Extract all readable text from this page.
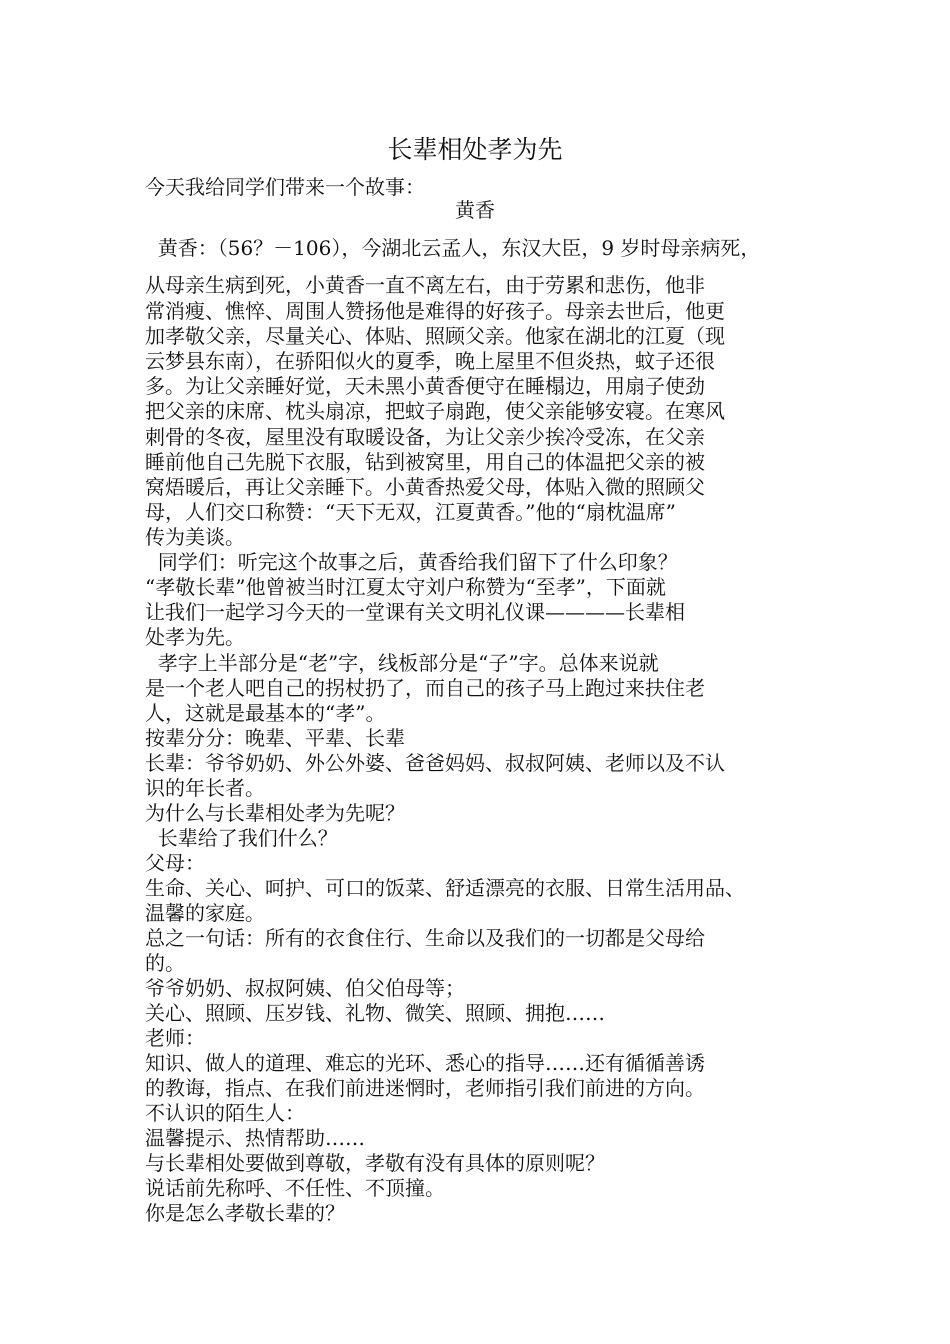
长辈相处孝为先
今天我给同学们带来一个故事：
黄香
黄香：（56？－106），今湖北云孟人，东汉大臣，9 岁时母亲病死，
从母亲生病到死，小黄香一直不离左右，由于劳累和悲伤，他非
常消瘦、憔悴、周围人赞扬他是难得的好孩子。母亲去世后，他更
加孝敬父亲，尽量关心、体贴、照顾父亲。他家在湖北的江夏（现
云梦县东南），在骄阳似火的夏季，晚上屋里不但炎热，蚊子还很
多。为让父亲睡好觉，天未黑小黄香便守在睡榻边，用扇子使劲
把父亲的床席、枕头扇凉，把蚊子扇跑，使父亲能够安寝。在寒风
刺骨的冬夜，屋里没有取暖设备，为让父亲少挨冷受冻，在父亲
睡前他自己先脱下衣服，钻到被窝里，用自己的体温把父亲的被
窝焐暖后，再让父亲睡下。小黄香热爱父母，体贴入微的照顾父
母，人们交口称赞：“天下无双，江夏黄香。”他的“扇枕温席”
传为美谈。
同学们：听完这个故事之后，黄香给我们留下了什么印象？
“孝敬长辈”他曾被当时江夏太守刘户称赞为“至孝”，下面就
让我们一起学习今天的一堂课有关文明礼仪课————长辈相
处孝为先。
孝字上半部分是“老”字，线板部分是“子”字。总体来说就
是一个老人吧自己的拐杖扔了，而自己的孩子马上跑过来扶住老
人，这就是最基本的“孝”。
按辈分分：晚辈、平辈、长辈
长辈：爷爷奶奶、外公外婆、爸爸妈妈、叔叔阿姨、老师以及不认
识的年长者。
为什么与长辈相处孝为先呢？
长辈给了我们什么？
父母：
生命、关心、呵护、可口的饭菜、舒适漂亮的衣服、日常生活用品、
温馨的家庭。
总之一句话：所有的衣食住行、生命以及我们的一切都是父母给
的。
爷爷奶奶、叔叔阿姨、伯父伯母等；
关心、照顾、压岁钱、礼物、微笑、照顾、拥抱……
老师：
知识、做人的道理、难忘的光环、悉心的指导……还有循循善诱
的教诲，指点、在我们前进迷惘时，老师指引我们前进的方向。
不认识的陌生人：
温馨提示、热情帮助……
与长辈相处要做到尊敬，孝敬有没有具体的原则呢？
说话前先称呼、不任性、不顶撞。
你是怎么孝敬长辈的？
